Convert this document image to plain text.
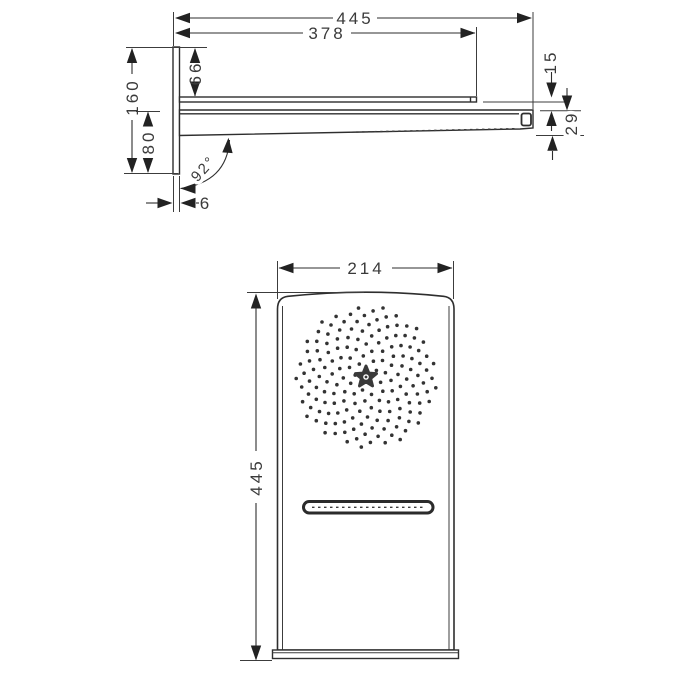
445
378
66
160
80
15
29
6
92°
214
445
